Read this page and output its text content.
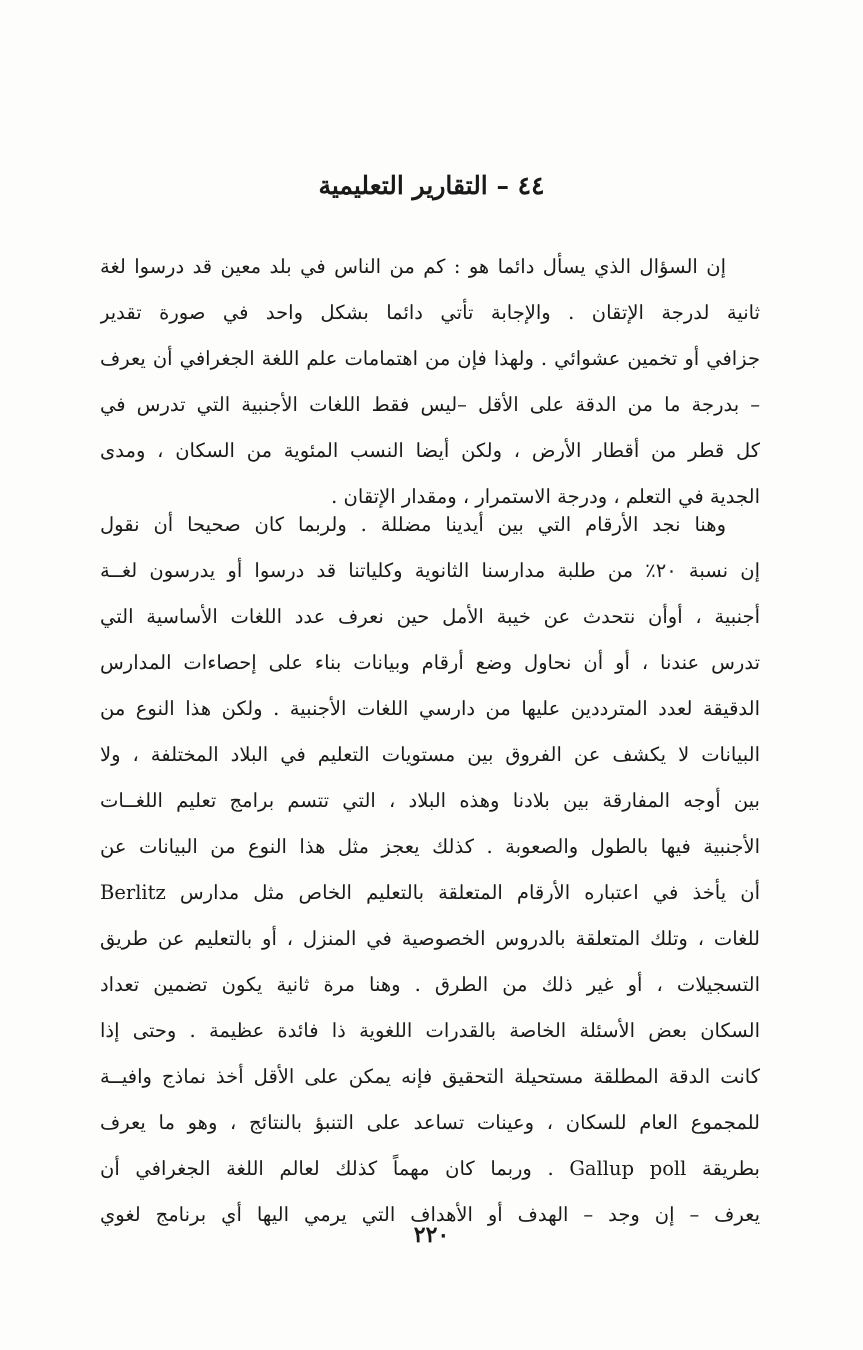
٤٤ – التقارير التعليمية
إن السؤال الذي يسأل دائما هو : كم من الناس في بلد معين قد درسوا لغة
ثانية لدرجة الإتقان . والإجابة تأتي دائما بشكل واحد في صورة تقدير
جزافي أو تخمين عشوائي . ولهذا فإن من اهتمامات علم اللغة الجغرافي أن يعرف
– بدرجة ما من الدقة على الأقل –ليس فقط اللغات الأجنبية التي تدرس في
كل قطر من أقطار الأرض ، ولكن أيضا النسب المئوية من السكان ، ومدى
الجدية في التعلم ، ودرجة الاستمرار ، ومقدار الإتقان .
وهنا نجد الأرقام التي بين أيدينا مضللة . ولربما كان صحيحا أن نقول
إن نسبة ٢٠٪ من طلبة مدارسنا الثانوية وكلياتنا قد درسوا أو يدرسون لغــة
أجنبية ، أوأن نتحدث عن خيبة الأمل حين نعرف عدد اللغات الأساسية التي
تدرس عندنا ، أو أن نحاول وضع أرقام وبيانات بناء على إحصاءات المدارس
الدقيقة لعدد المترددين عليها من دارسي اللغات الأجنبية . ولكن هذا النوع من
البيانات لا يكشف عن الفروق بين مستويات التعليم في البلاد المختلفة ، ولا
بين أوجه المفارقة بين بلادنا وهذه البلاد ، التي تتسم برامج تعليم اللغــات
الأجنبية فيها بالطول والصعوبة . كذلك يعجز مثل هذا النوع من البيانات عن
أن يأخذ في اعتباره الأرقام المتعلقة بالتعليم الخاص مثل مدارس Berlitz
للغات ، وتلك المتعلقة بالدروس الخصوصية في المنزل ، أو بالتعليم عن طريق
التسجيلات ، أو غير ذلك من الطرق . وهنا مرة ثانية يكون تضمين تعداد
السكان بعض الأسئلة الخاصة بالقدرات اللغوية ذا فائدة عظيمة . وحتى إذا
كانت الدقة المطلقة مستحيلة التحقيق فإنه يمكن على الأقل أخذ نماذج وافيــة
للمجموع العام للسكان ، وعينات تساعد على التنبؤ بالنتائج ، وهو ما يعرف
بطريقة Gallup poll . وربما كان مهماً كذلك لعالم اللغة الجغرافي أن
يعرف – إن وجد – الهدف أو الأهداف التي يرمي اليها أي برنامج لغوي
٢٢٠
